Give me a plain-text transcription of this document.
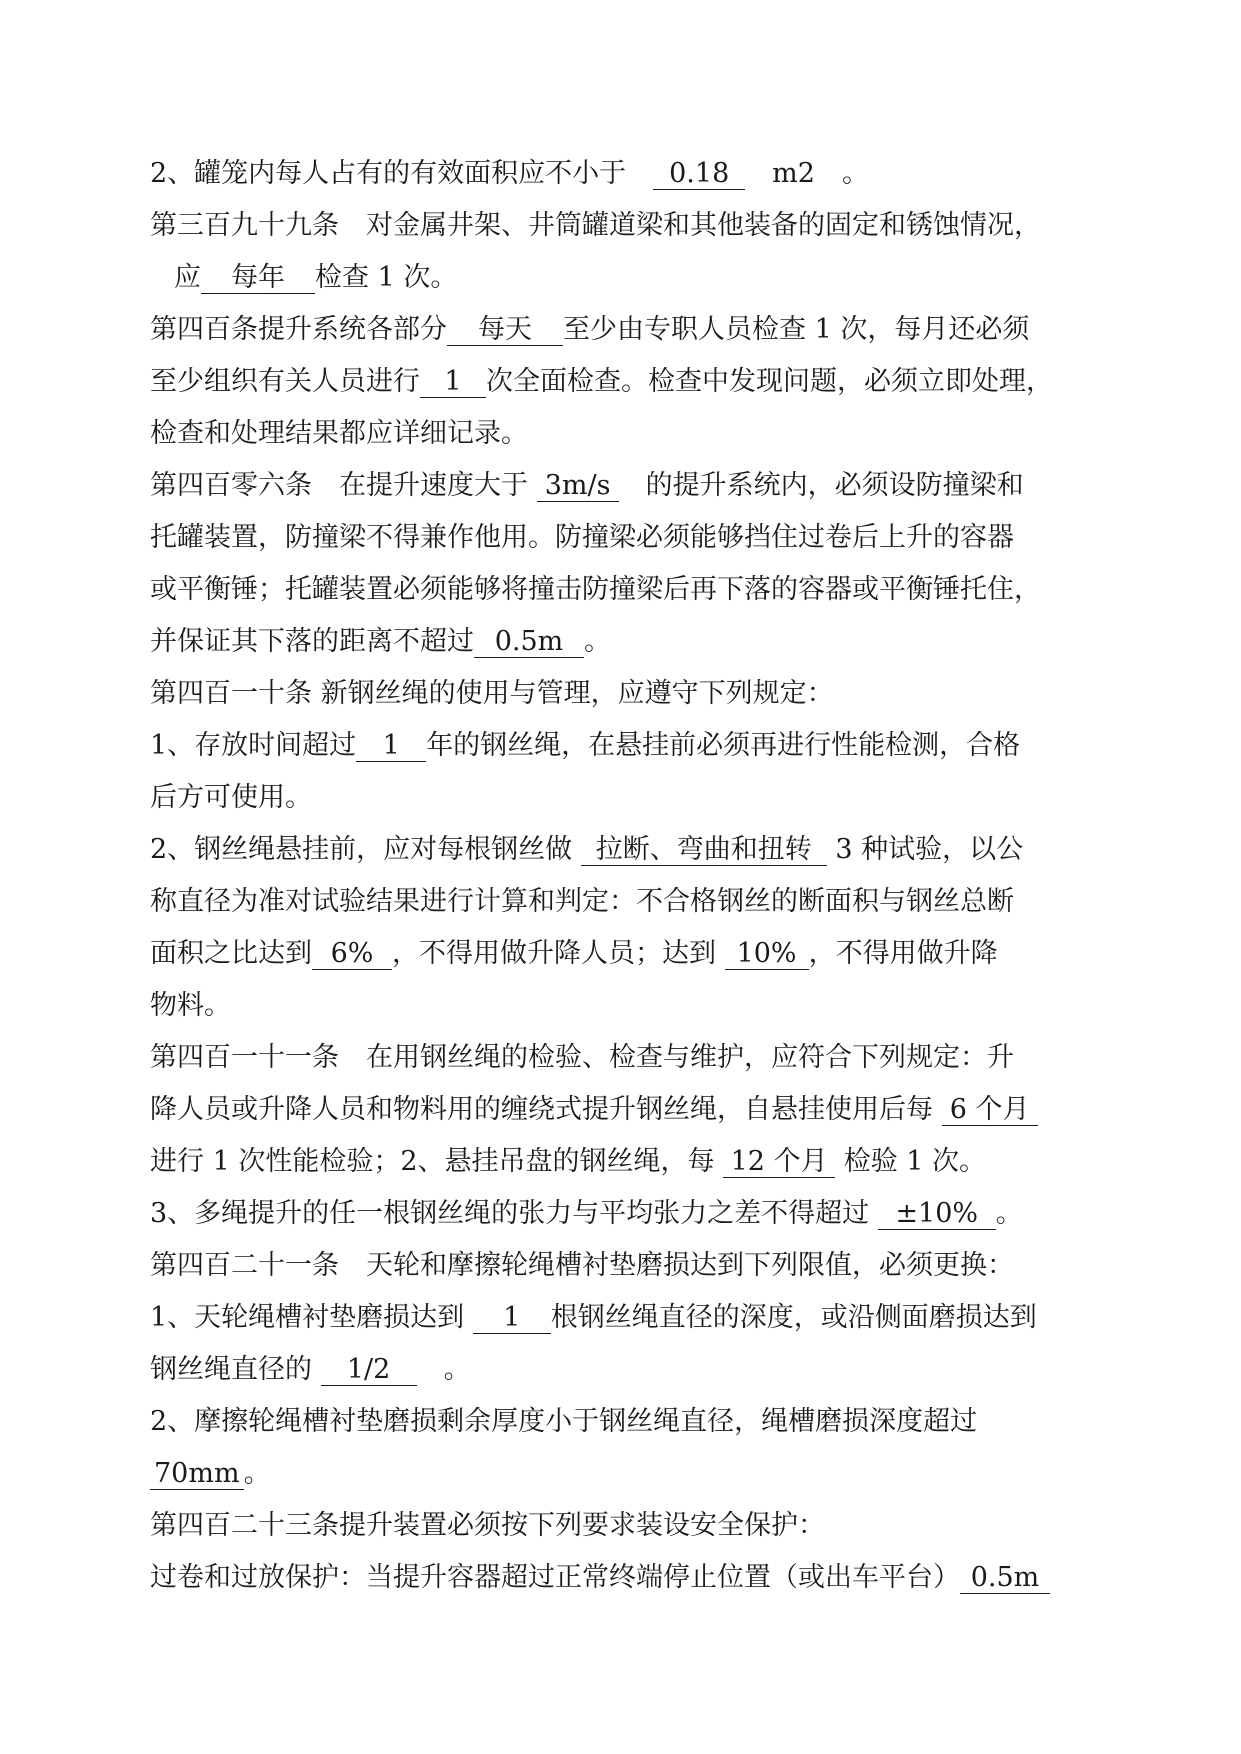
2、罐笼内每人占有的有效面积应不小于　0.18　m2　。
第三百九十九条　对金属井架、井筒罐道梁和其他装备的固定和锈蚀情况，
应 每年 检查 1 次。
第四百条提升系统各部分 每天 至少由专职人员检查 1 次，每月还必须
至少组织有关人员进行 1 次全面检查。检查中发现问题，必须立即处理，
检查和处理结果都应详细记录。
第四百零六条　在提升速度大于 3m/s　的提升系统内，必须设防撞梁和
托罐装置，防撞梁不得兼作他用。防撞梁必须能够挡住过卷后上升的容器
或平衡锤；托罐装置必须能够将撞击防撞梁后再下落的容器或平衡锤托住，
并保证其下落的距离不超过 0.5m 。
第四百一十条 新钢丝绳的使用与管理，应遵守下列规定：
1、存放时间超过 1 年的钢丝绳，在悬挂前必须再进行性能检测，合格
后方可使用。
2、钢丝绳悬挂前，应对每根钢丝做 拉断、弯曲和扭转 3 种试验，以公
称直径为准对试验结果进行计算和判定：不合格钢丝的断面积与钢丝总断
面积之比达到 6% ，不得用做升降人员；达到 10% ，不得用做升降
物料。
第四百一十一条　在用钢丝绳的检验、检查与维护，应符合下列规定：升
降人员或升降人员和物料用的缠绕式提升钢丝绳，自悬挂使用后每 6 个月
进行 1 次性能检验；2、悬挂吊盘的钢丝绳，每 12 个月 检验 1 次。
3、多绳提升的任一根钢丝绳的张力与平均张力之差不得超过 ±10% 。
第四百二十一条　天轮和摩擦轮绳槽衬垫磨损达到下列限值，必须更换：
1、天轮绳槽衬垫磨损达到 1 根钢丝绳直径的深度，或沿侧面磨损达到
钢丝绳直径的 1/2　。
2、摩擦轮绳槽衬垫磨损剩余厚度小于钢丝绳直径，绳槽磨损深度超过
70mm 。
第四百二十三条提升装置必须按下列要求装设安全保护：
过卷和过放保护：当提升容器超过正常终端停止位置（或出车平台） 0.5m
